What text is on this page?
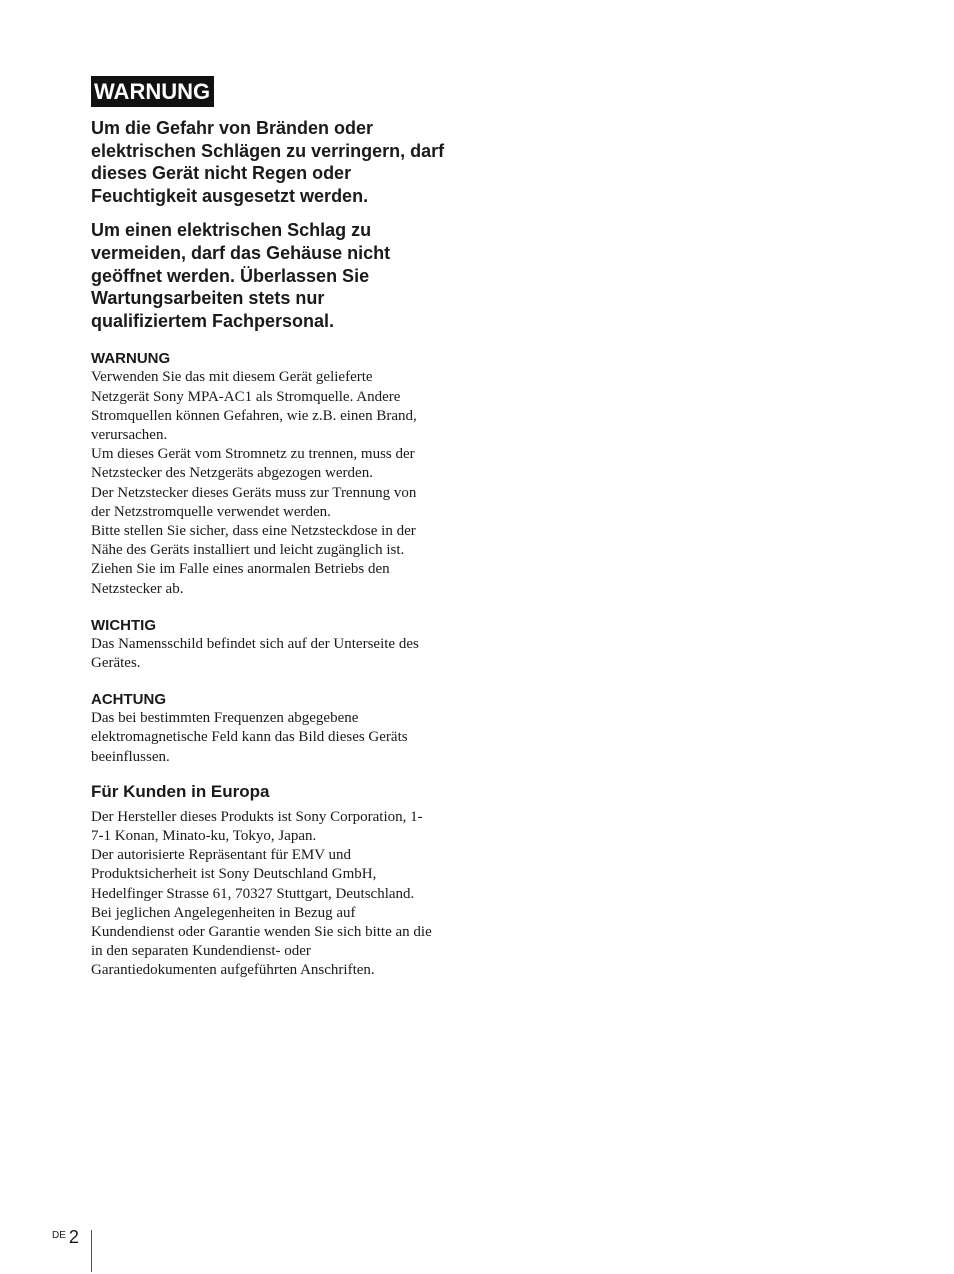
WARNUNG
Um die Gefahr von Bränden oder
elektrischen Schlägen zu verringern, darf
dieses Gerät nicht Regen oder
Feuchtigkeit ausgesetzt werden.
Um einen elektrischen Schlag zu
vermeiden, darf das Gehäuse nicht
geöffnet werden. Überlassen Sie
Wartungsarbeiten stets nur
qualifiziertem Fachpersonal.
WARNUNG
Verwenden Sie das mit diesem Gerät gelieferte
Netzgerät Sony MPA-AC1 als Stromquelle. Andere
Stromquellen können Gefahren, wie z.B. einen Brand,
verursachen.
Um dieses Gerät vom Stromnetz zu trennen, muss der
Netzstecker des Netzgeräts abgezogen werden.
Der Netzstecker dieses Geräts muss zur Trennung von
der Netzstromquelle verwendet werden.
Bitte stellen Sie sicher, dass eine Netzsteckdose in der
Nähe des Geräts installiert und leicht zugänglich ist.
Ziehen Sie im Falle eines anormalen Betriebs den
Netzstecker ab.
WICHTIG
Das Namensschild befindet sich auf der Unterseite des
Gerätes.
ACHTUNG
Das bei bestimmten Frequenzen abgegebene
elektromagnetische Feld kann das Bild dieses Geräts
beeinflussen.
Für Kunden in Europa
Der Hersteller dieses Produkts ist Sony Corporation, 1-
7-1 Konan, Minato-ku, Tokyo, Japan.
Der autorisierte Repräsentant für EMV und
Produktsicherheit ist Sony Deutschland GmbH,
Hedelfinger Strasse 61, 70327 Stuttgart, Deutschland.
Bei jeglichen Angelegenheiten in Bezug auf
Kundendienst oder Garantie wenden Sie sich bitte an die
in den separaten Kundendienst- oder
Garantiedokumenten aufgeführten Anschriften.
DE 2
